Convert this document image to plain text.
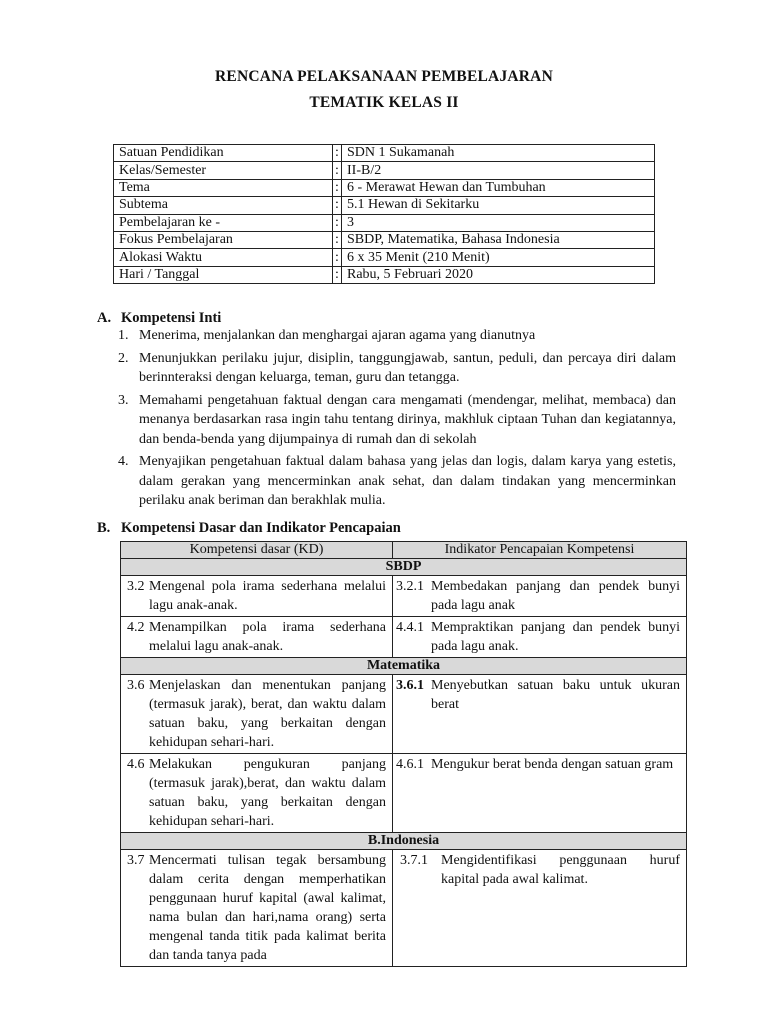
RENCANA PELAKSANAAN PEMBELAJARAN
TEMATIK KELAS II
Satuan Pendidikan	:	SDN 1 Sukamanah
Kelas/Semester	:	II-B/2
Tema	:	6 - Merawat Hewan dan Tumbuhan
Subtema	:	5.1 Hewan di Sekitarku
Pembelajaran ke -	:	3
Fokus Pembelajaran	:	SBDP, Matematika, Bahasa Indonesia
Alokasi Waktu	:	6 x 35 Menit (210 Menit)
Hari / Tanggal	:	Rabu, 5 Februari 2020
A. Kompetensi Inti
1. Menerima, menjalankan dan menghargai ajaran agama yang dianutnya
2. Menunjukkan perilaku jujur, disiplin, tanggungjawab, santun, peduli, dan percaya diri dalam berinnteraksi dengan keluarga, teman, guru dan tetangga.
3. Memahami pengetahuan faktual dengan cara mengamati (mendengar, melihat, membaca) dan menanya berdasarkan rasa ingin tahu tentang dirinya, makhluk ciptaan Tuhan dan kegiatannya, dan benda-benda yang dijumpainya di rumah dan di sekolah
4. Menyajikan pengetahuan faktual dalam bahasa yang jelas dan logis, dalam karya yang estetis, dalam gerakan yang mencerminkan anak sehat, dan dalam tindakan yang mencerminkan perilaku anak beriman dan berakhlak mulia.
B. Kompetensi Dasar dan Indikator Pencapaian
Kompetensi dasar (KD)	Indikator Pencapaian Kompetensi
SBDP	

3.2 Mengenal pola irama sederhana melalui lagu anak-anak.	3.2.1 Membedakan panjang dan pendek bunyi pada lagu anak

4.2 Menampilkan pola irama sederhana melalui lagu anak-anak.	4.4.1 Mempraktikan panjang dan pendek bunyi pada lagu anak.

Matematika	

3.6 Menjelaskan dan menentukan panjang (termasuk jarak), berat, dan waktu dalam satuan baku, yang berkaitan dengan kehidupan sehari-hari.	3.6.1 Menyebutkan satuan baku untuk ukuran berat

4.6 Melakukan pengukuran panjang (termasuk jarak),berat, dan waktu dalam satuan baku, yang berkaitan dengan kehidupan sehari-hari.	4.6.1 Mengukur berat benda dengan satuan gram

B.Indonesia	

3.7 Mencermati tulisan tegak bersambung dalam cerita dengan memperhatikan penggunaan huruf kapital (awal kalimat, nama bulan dan hari,nama orang) serta mengenal tanda titik pada kalimat berita dan tanda tanya pada	3.7.1 Mengidentifikasi penggunaan huruf kapital pada awal kalimat.
